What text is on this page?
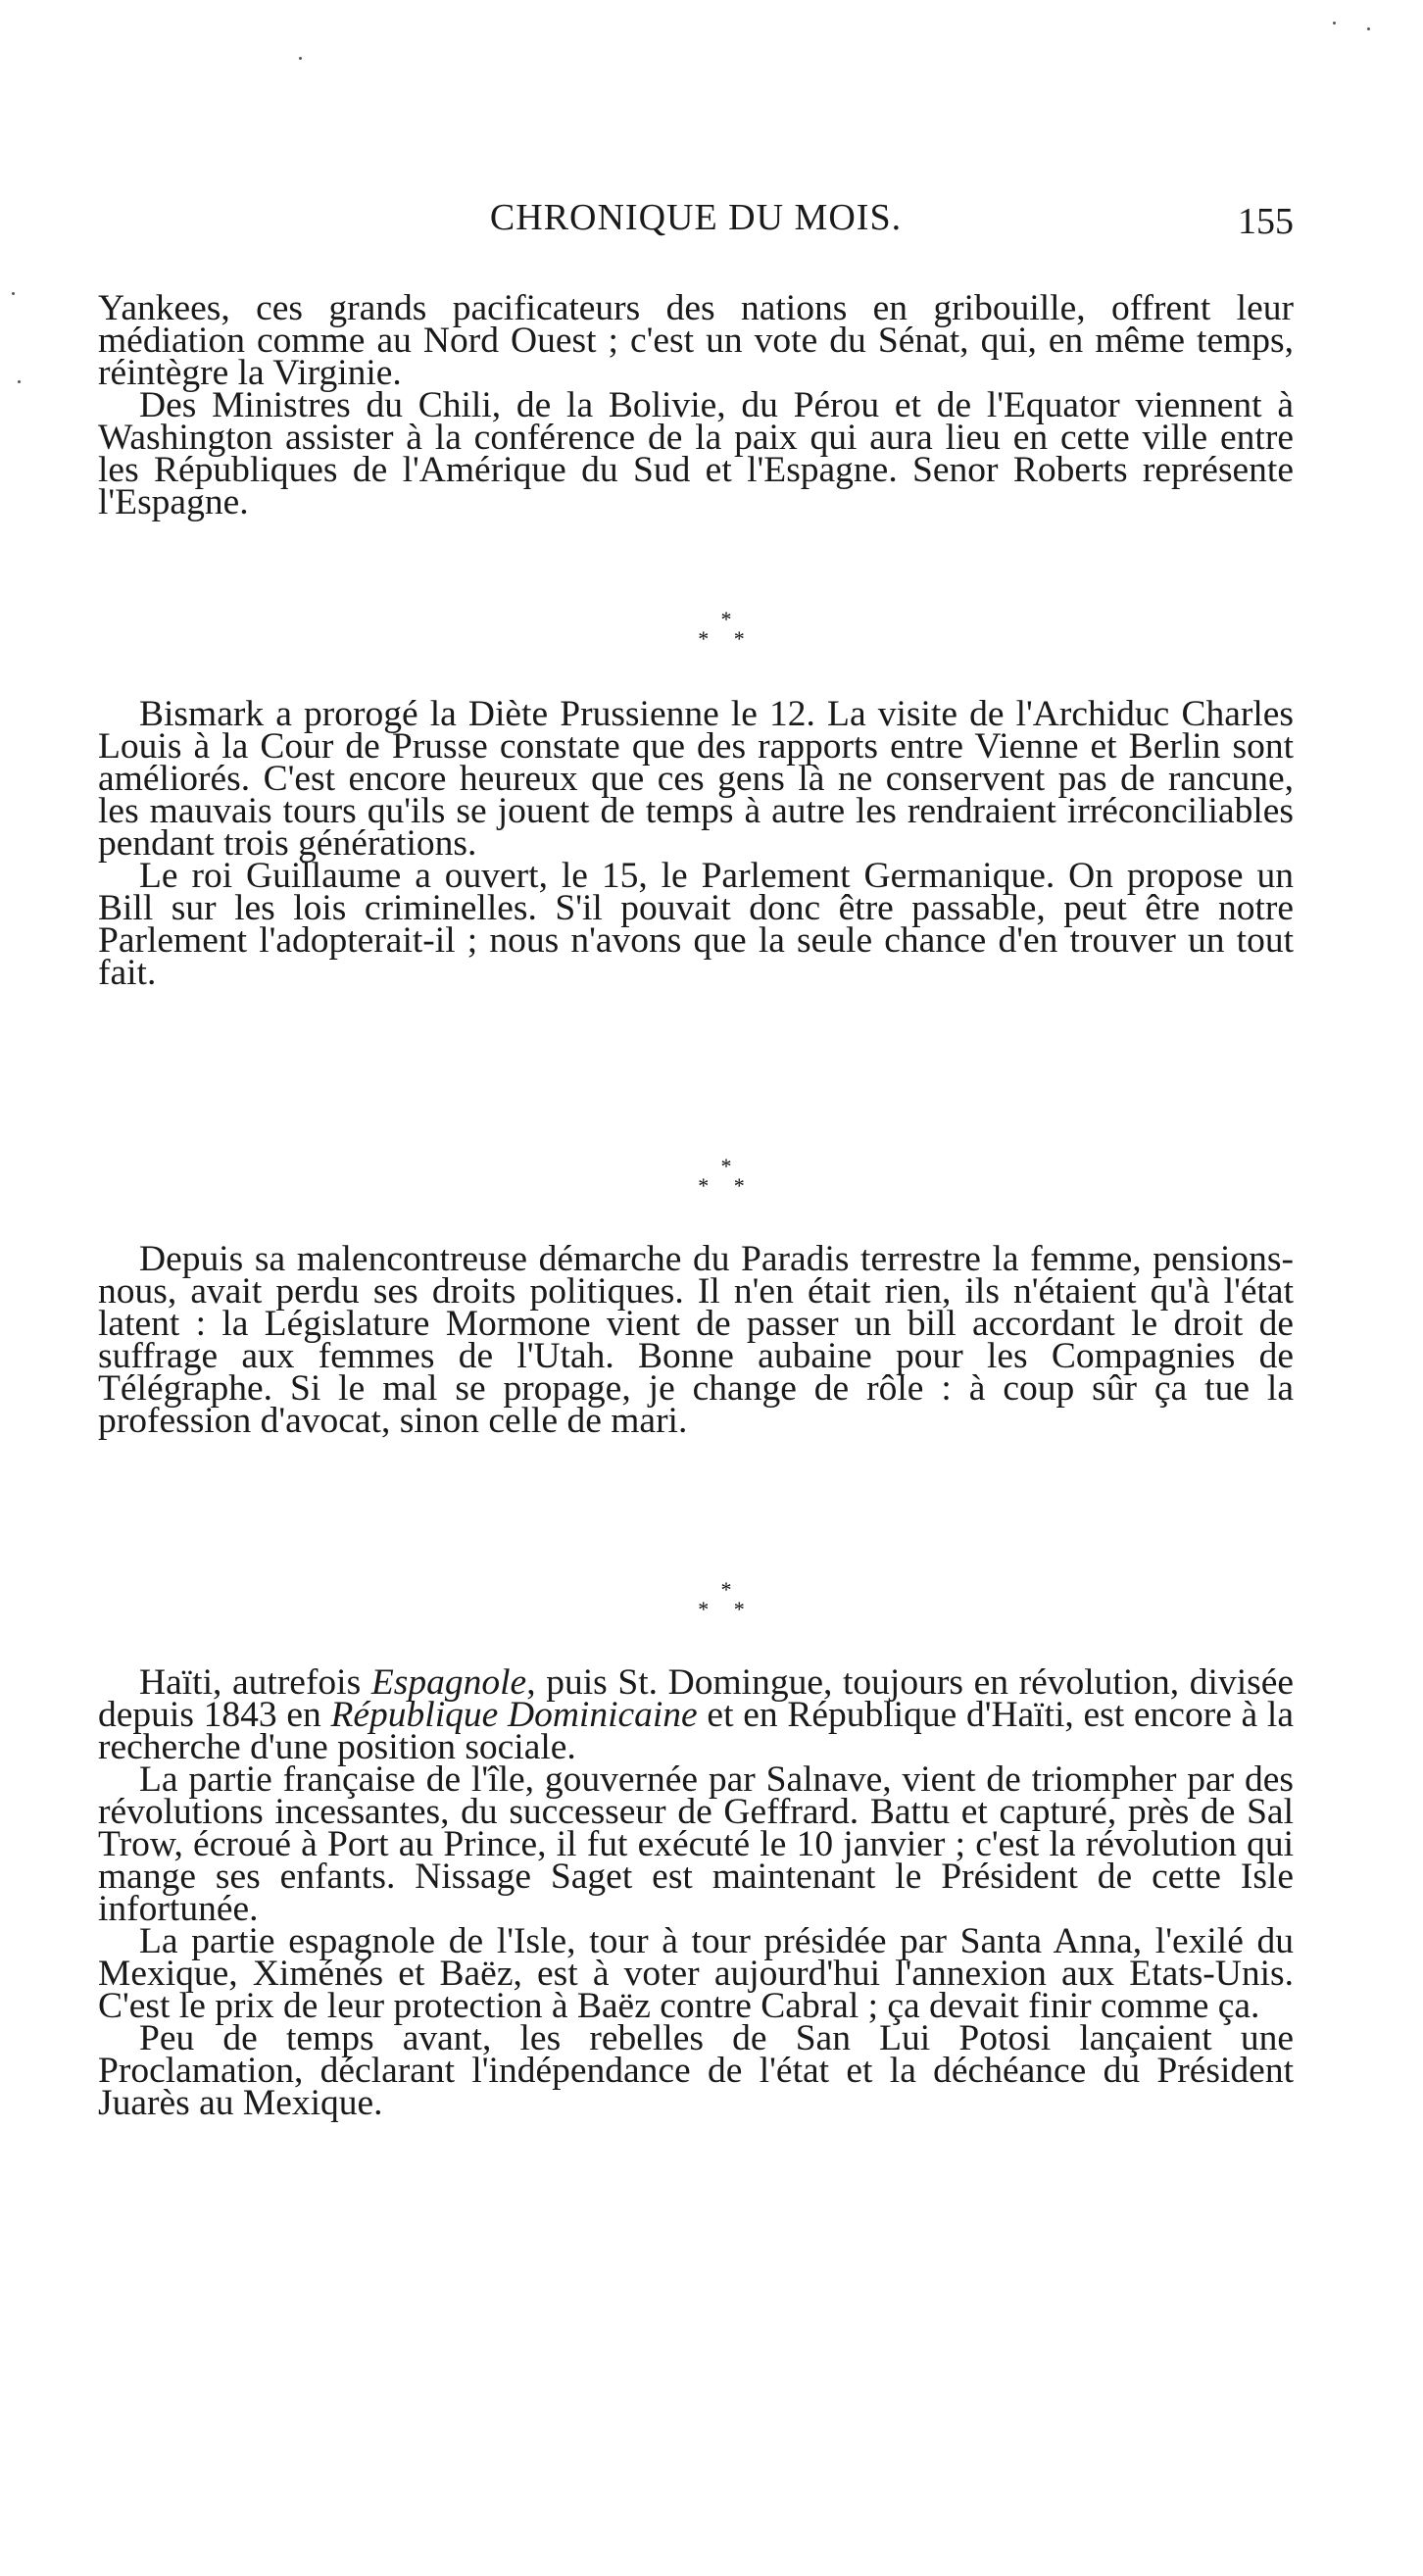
CHRONIQUE DU MOIS.	155

Yankees, ces grands pacificateurs des nations en gribouille, offrent leur médiation comme au Nord Ouest ; c'est un vote du Sénat, qui, en même temps, réintègre la Virginie.

Des Ministres du Chili, de la Bolivie, du Pérou et de l'Equator viennent à Washington assister à la conférence de la paix qui aura lieu en cette ville entre les Républiques de l'Amérique du Sud et l'Espagne. Senor Roberts représente l'Espagne.

*
* *

Bismark a prorogé la Diète Prussienne le 12. La visite de l'Archiduc Charles Louis à la Cour de Prusse constate que des rapports entre Vienne et Berlin sont améliorés. C'est encore heureux que ces gens là ne conservent pas de rancune, les mauvais tours qu'ils se jouent de temps à autre les rendraient irréconciliables pendant trois générations.

Le roi Guillaume a ouvert, le 15, le Parlement Germanique. On propose un Bill sur les lois criminelles. S'il pouvait donc être passable, peut être notre Parlement l'adopterait-il ; nous n'avons que la seule chance d'en trouver un tout fait.

*
* *

Depuis sa malencontreuse démarche du Paradis terrestre la femme, pensions-nous, avait perdu ses droits politiques. Il n'en était rien, ils n'étaient qu'à l'état latent : la Législature Mormone vient de passer un bill accordant le droit de suffrage aux femmes de l'Utah. Bonne aubaine pour les Compagnies de Télégraphe. Si le mal se propage, je change de rôle : à coup sûr ça tue la profession d'avocat, sinon celle de mari.

*
* *

Haïti, autrefois Espagnole, puis St. Domingue, toujours en révolution, divisée depuis 1843 en République Dominicaine et en République d'Haïti, est encore à la recherche d'une position sociale.

La partie française de l'île, gouvernée par Salnave, vient de triompher par des révolutions incessantes, du successeur de Geffrard. Battu et capturé, près de Sal Trow, écroué à Port au Prince, il fut exécuté le 10 janvier ; c'est la révolution qui mange ses enfants. Nissage Saget est maintenant le Président de cette Isle infortunée.

La partie espagnole de l'Isle, tour à tour présidée par Santa Anna, l'exilé du Mexique, Ximénés et Baëz, est à voter aujourd'hui l'annexion aux Etats-Unis. C'est le prix de leur protection à Baëz contre Cabral ; ça devait finir comme ça.

Peu de temps avant, les rebelles de San Lui Potosi lançaient une Proclamation, déclarant l'indépendance de l'état et la déchéance du Président Juarès au Mexique.
